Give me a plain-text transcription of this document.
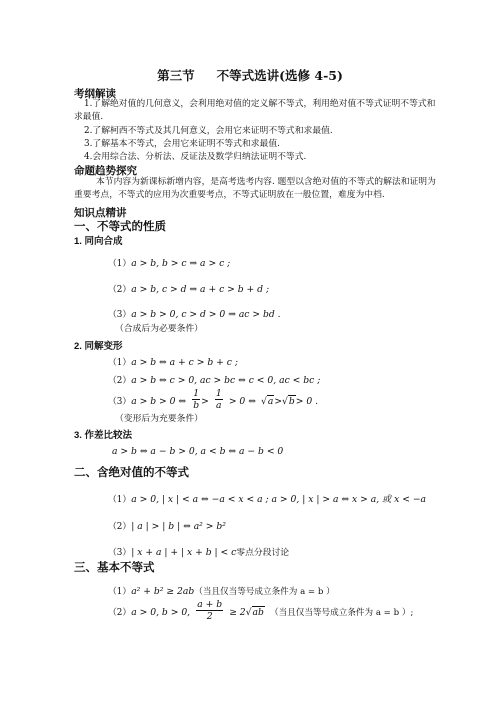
第三节 不等式选讲(选修 4-5)
考纲解读
1.了解绝对值的几何意义，会利用绝对值的定义解不等式，利用绝对值不等式证明不等式和求最值.
2.了解柯西不等式及其几何意义，会用它来证明不等式和求最值.
3.了解基本不等式，会用它来证明不等式和求最值.
4.会用综合法、分析法、反证法及数学归纳法证明不等式.
命题趋势探究
本节内容为新课标新增内容，是高考选考内容. 题型以含绝对值的不等式的解法和证明为重要考点，不等式的应用为次重要考点，不等式证明放在一般位置，难度为中档.
知识点精讲
一、不等式的性质
1. 同向合成
（1）a > b, b > c ⇒ a > c ;
（2）a > b, c > d ⇒ a + c > b + d ;
（3）a > b > 0, c > d > 0 ⇒ ac > bd .
（合成后为必要条件）
2. 同解变形
（1）a > b ⇔ a + c > b + c ;
（2）a > b ⇔ c > 0, ac > bc ⇔ c < 0, ac < bc ;
（3）a > b > 0 ⇔ $\frac{1}{b} > \frac{1}{a} > 0$ ⇔ √a>√b> 0 .
（变形后为充要条件）
3. 作差比较法
a > b ⇔ a − b > 0, a < b ⇔ a − b < 0
二、含绝对值的不等式
（1）a > 0, | x | < a ⇔ −a < x < a ; a > 0, | x | > a ⇔ x > a, 或 x < −a
（2）| a | > | b | ⇔ a² > b²
（3）| x + a | + | x + b | < c零点分段讨论
三、基本不等式
（1）a² + b² ≥ 2ab（当且仅当等号成立条件为 a = b ）
（2）a > 0, b > 0, $\frac{a + b}{2} \ge 2√ab$ （当且仅当等号成立条件为 a = b ）;
